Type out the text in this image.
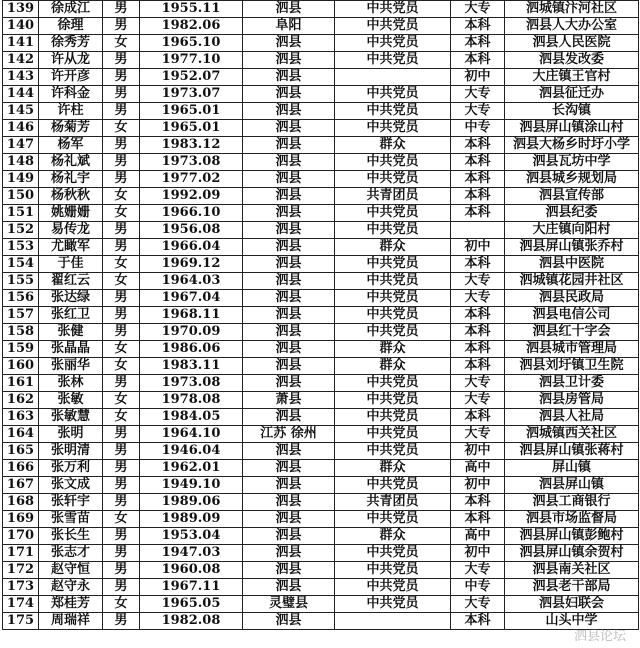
139	徐成江	男	1955.11	泗县	中共党员	大专	泗城镇汴河社区
140	徐理	男	1982.06	阜阳	中共党员	本科	泗县人大办公室
141	徐秀芳	女	1965.10	泗县	中共党员	本科	泗县人民医院
142	许从龙	男	1977.10	泗县	中共党员	本科	泗县发改委
143	许开彦	男	1952.07	泗县		初中	大庄镇王官村
144	许科金	男	1973.07	泗县	中共党员	大专	泗县征迁办
145	许柱	男	1965.01	泗县	中共党员	大专	长沟镇
146	杨菊芳	女	1965.01	泗县	中共党员	中专	泗县屏山镇涂山村
147	杨军	男	1983.12	泗县	群众	本科	泗县大杨乡时圩小学
148	杨礼斌	男	1973.08	泗县	中共党员	本科	泗县瓦坊中学
149	杨礼宇	男	1977.02	泗县	中共党员	本科	泗县城乡规划局
150	杨秋秋	女	1992.09	泗县	共青团员	本科	泗县宣传部
151	姚姗姗	女	1966.10	泗县	中共党员	本科	泗县纪委
152	易传龙	男	1956.08	泗县	中共党员		大庄镇向阳村
153	尤瞰军	男	1966.04	泗县	群众	初中	泗县屏山镇张乔村
154	于佳	女	1969.12	泗县	中共党员	本科	泗县中医院
155	翟红云	女	1964.03	泗县	中共党员	大专	泗城镇花园井社区
156	张达绿	男	1967.04	泗县	中共党员	大专	泗县民政局
157	张红卫	男	1968.11	泗县	中共党员	本科	泗县电信公司
158	张健	男	1970.09	泗县	中共党员	本科	泗县红十字会
159	张晶晶	女	1986.06	泗县	群众	本科	泗县城市管理局
160	张丽华	女	1983.11	泗县	群众	本科	泗县刘圩镇卫生院
161	张林	男	1973.08	泗县	中共党员	大专	泗县卫计委
162	张敏	女	1978.08	萧县	中共党员	大专	泗县房管局
163	张敏慧	女	1984.05	泗县	中共党员	本科	泗县人社局
164	张明	男	1964.10	江苏 徐州	中共党员	大专	泗城镇西关社区
165	张明清	男	1946.04	泗县	中共党员	初中	泗县屏山镇张蒋村
166	张万利	男	1962.01	泗县	群众	高中	屏山镇
167	张文成	男	1949.10	泗县	中共党员	初中	泗县屏山镇
168	张轩宇	男	1989.06	泗县	共青团员	本科	泗县工商银行
169	张雪苗	女	1989.09	泗县	中共党员	本科	泗县市场监督局
170	张长生	男	1953.04	泗县	群众	高中	泗县屏山镇彭鲍村
171	张志才	男	1947.03	泗县	中共党员	初中	泗县屏山镇余贺村
172	赵守恒	男	1960.08	泗县	中共党员	大专	泗县南关社区
173	赵守永	男	1967.11	泗县	中共党员	中专	泗县老干部局
174	郑桂芳	女	1965.05	灵璧县	中共党员	大专	泗县妇联会
175	周瑞祥	男	1982.08	泗县		本科	山头中学
泗县论坛
